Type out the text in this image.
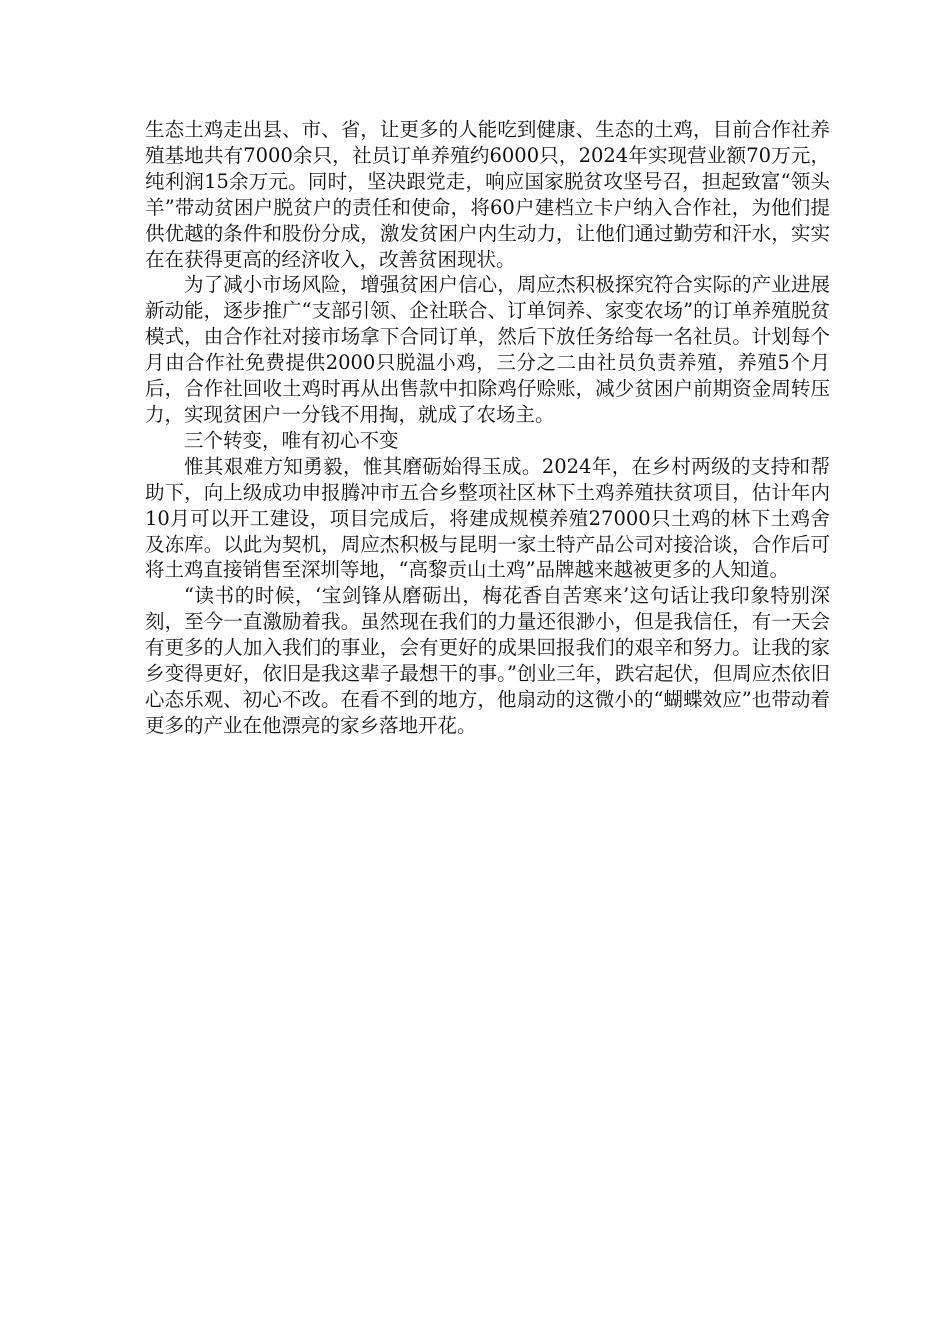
生态土鸡走出县、市、省，让更多的人能吃到健康、生态的土鸡，目前合作社养殖基地共有7000余只，社员订单养殖约6000只，2024年实现营业额70万元，纯利润15余万元。同时，坚决跟党走，响应国家脱贫攻坚号召，担起致富“领头羊”带动贫困户脱贫户的责任和使命，将60户建档立卡户纳入合作社，为他们提供优越的条件和股份分成，激发贫困户内生动力，让他们通过勤劳和汗水，实实在在获得更高的经济收入，改善贫困现状。

为了减小市场风险，增强贫困户信心，周应杰积极探究符合实际的产业进展新动能，逐步推广“支部引领、企社联合、订单饲养、家变农场”的订单养殖脱贫模式，由合作社对接市场拿下合同订单，然后下放任务给每一名社员。计划每个月由合作社免费提供2000只脱温小鸡，三分之二由社员负责养殖，养殖5个月后，合作社回收土鸡时再从出售款中扣除鸡仔赊账，减少贫困户前期资金周转压力，实现贫困户一分钱不用掏，就成了农场主。

三个转变，唯有初心不变

惟其艰难方知勇毅，惟其磨砺始得玉成。2024年，在乡村两级的支持和帮助下，向上级成功申报腾冲市五合乡整项社区林下土鸡养殖扶贫项目，估计年内10月可以开工建设，项目完成后，将建成规模养殖27000只土鸡的林下土鸡舍及冻库。以此为契机，周应杰积极与昆明一家土特产品公司对接洽谈，合作后可将土鸡直接销售至深圳等地，“高黎贡山土鸡”品牌越来越被更多的人知道。

“读书的时候，‘宝剑锋从磨砺出，梅花香自苦寒来’这句话让我印象特别深刻，至今一直激励着我。虽然现在我们的力量还很渺小，但是我信任，有一天会有更多的人加入我们的事业，会有更好的成果回报我们的艰辛和努力。让我的家乡变得更好，依旧是我这辈子最想干的事。”创业三年，跌宕起伏，但周应杰依旧心态乐观、初心不改。在看不到的地方，他扇动的这微小的“蝴蝶效应”也带动着更多的产业在他漂亮的家乡落地开花。
